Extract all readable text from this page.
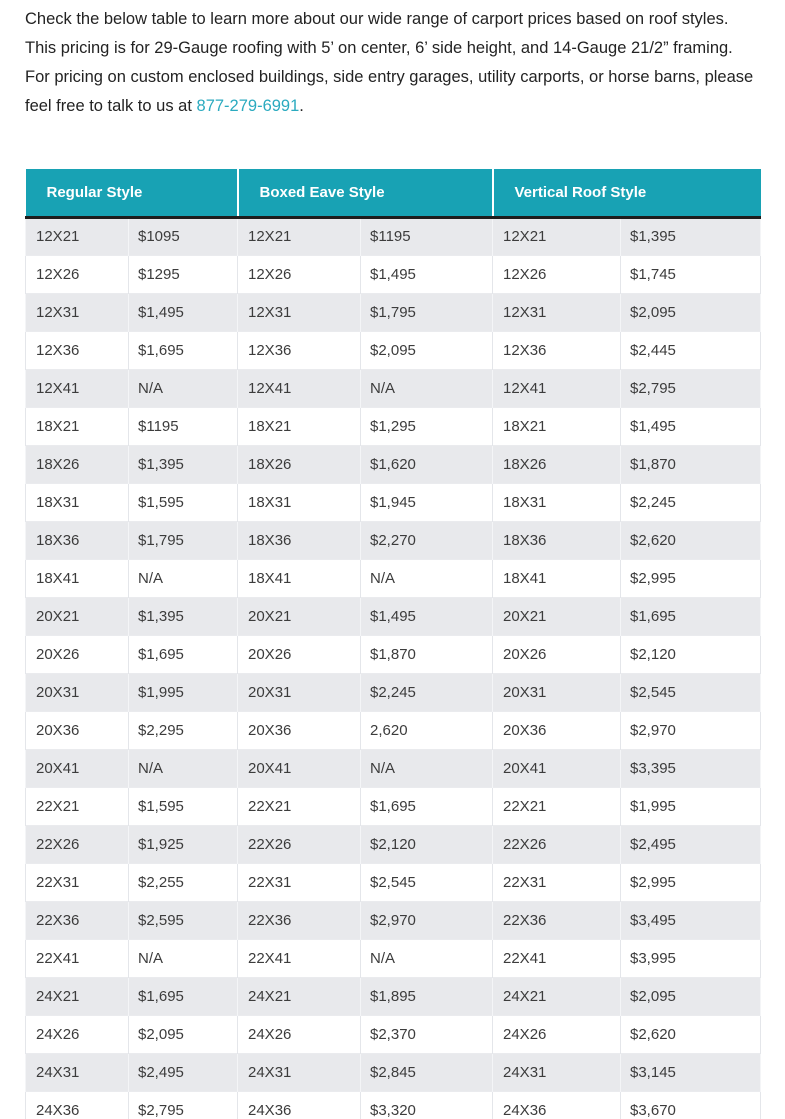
Check the below table to learn more about our wide range of carport prices based on roof styles. This pricing is for 29-Gauge roofing with 5’ on center, 6’ side height, and 14-Gauge 21/2” framing. For pricing on custom enclosed buildings, side entry garages, utility carports, or horse barns, please feel free to talk to us at 877-279-6991.

Regular Style		Boxed Eave Style		Vertical Roof Style	
12X21	$1095	12X21	$1195	12X21	$1,395
12X26	$1295	12X26	$1,495	12X26	$1,745
12X31	$1,495	12X31	$1,795	12X31	$2,095
12X36	$1,695	12X36	$2,095	12X36	$2,445
12X41	N/A	12X41	N/A	12X41	$2,795
18X21	$1195	18X21	$1,295	18X21	$1,495
18X26	$1,395	18X26	$1,620	18X26	$1,870
18X31	$1,595	18X31	$1,945	18X31	$2,245
18X36	$1,795	18X36	$2,270	18X36	$2,620
18X41	N/A	18X41	N/A	18X41	$2,995
20X21	$1,395	20X21	$1,495	20X21	$1,695
20X26	$1,695	20X26	$1,870	20X26	$2,120
20X31	$1,995	20X31	$2,245	20X31	$2,545
20X36	$2,295	20X36	2,620	20X36	$2,970
20X41	N/A	20X41	N/A	20X41	$3,395
22X21	$1,595	22X21	$1,695	22X21	$1,995
22X26	$1,925	22X26	$2,120	22X26	$2,495
22X31	$2,255	22X31	$2,545	22X31	$2,995
22X36	$2,595	22X36	$2,970	22X36	$3,495
22X41	N/A	22X41	N/A	22X41	$3,995
24X21	$1,695	24X21	$1,895	24X21	$2,095
24X26	$2,095	24X26	$2,370	24X26	$2,620
24X31	$2,495	24X31	$2,845	24X31	$3,145
24X36	$2,795	24X36	$3,320	24X36	$3,670
